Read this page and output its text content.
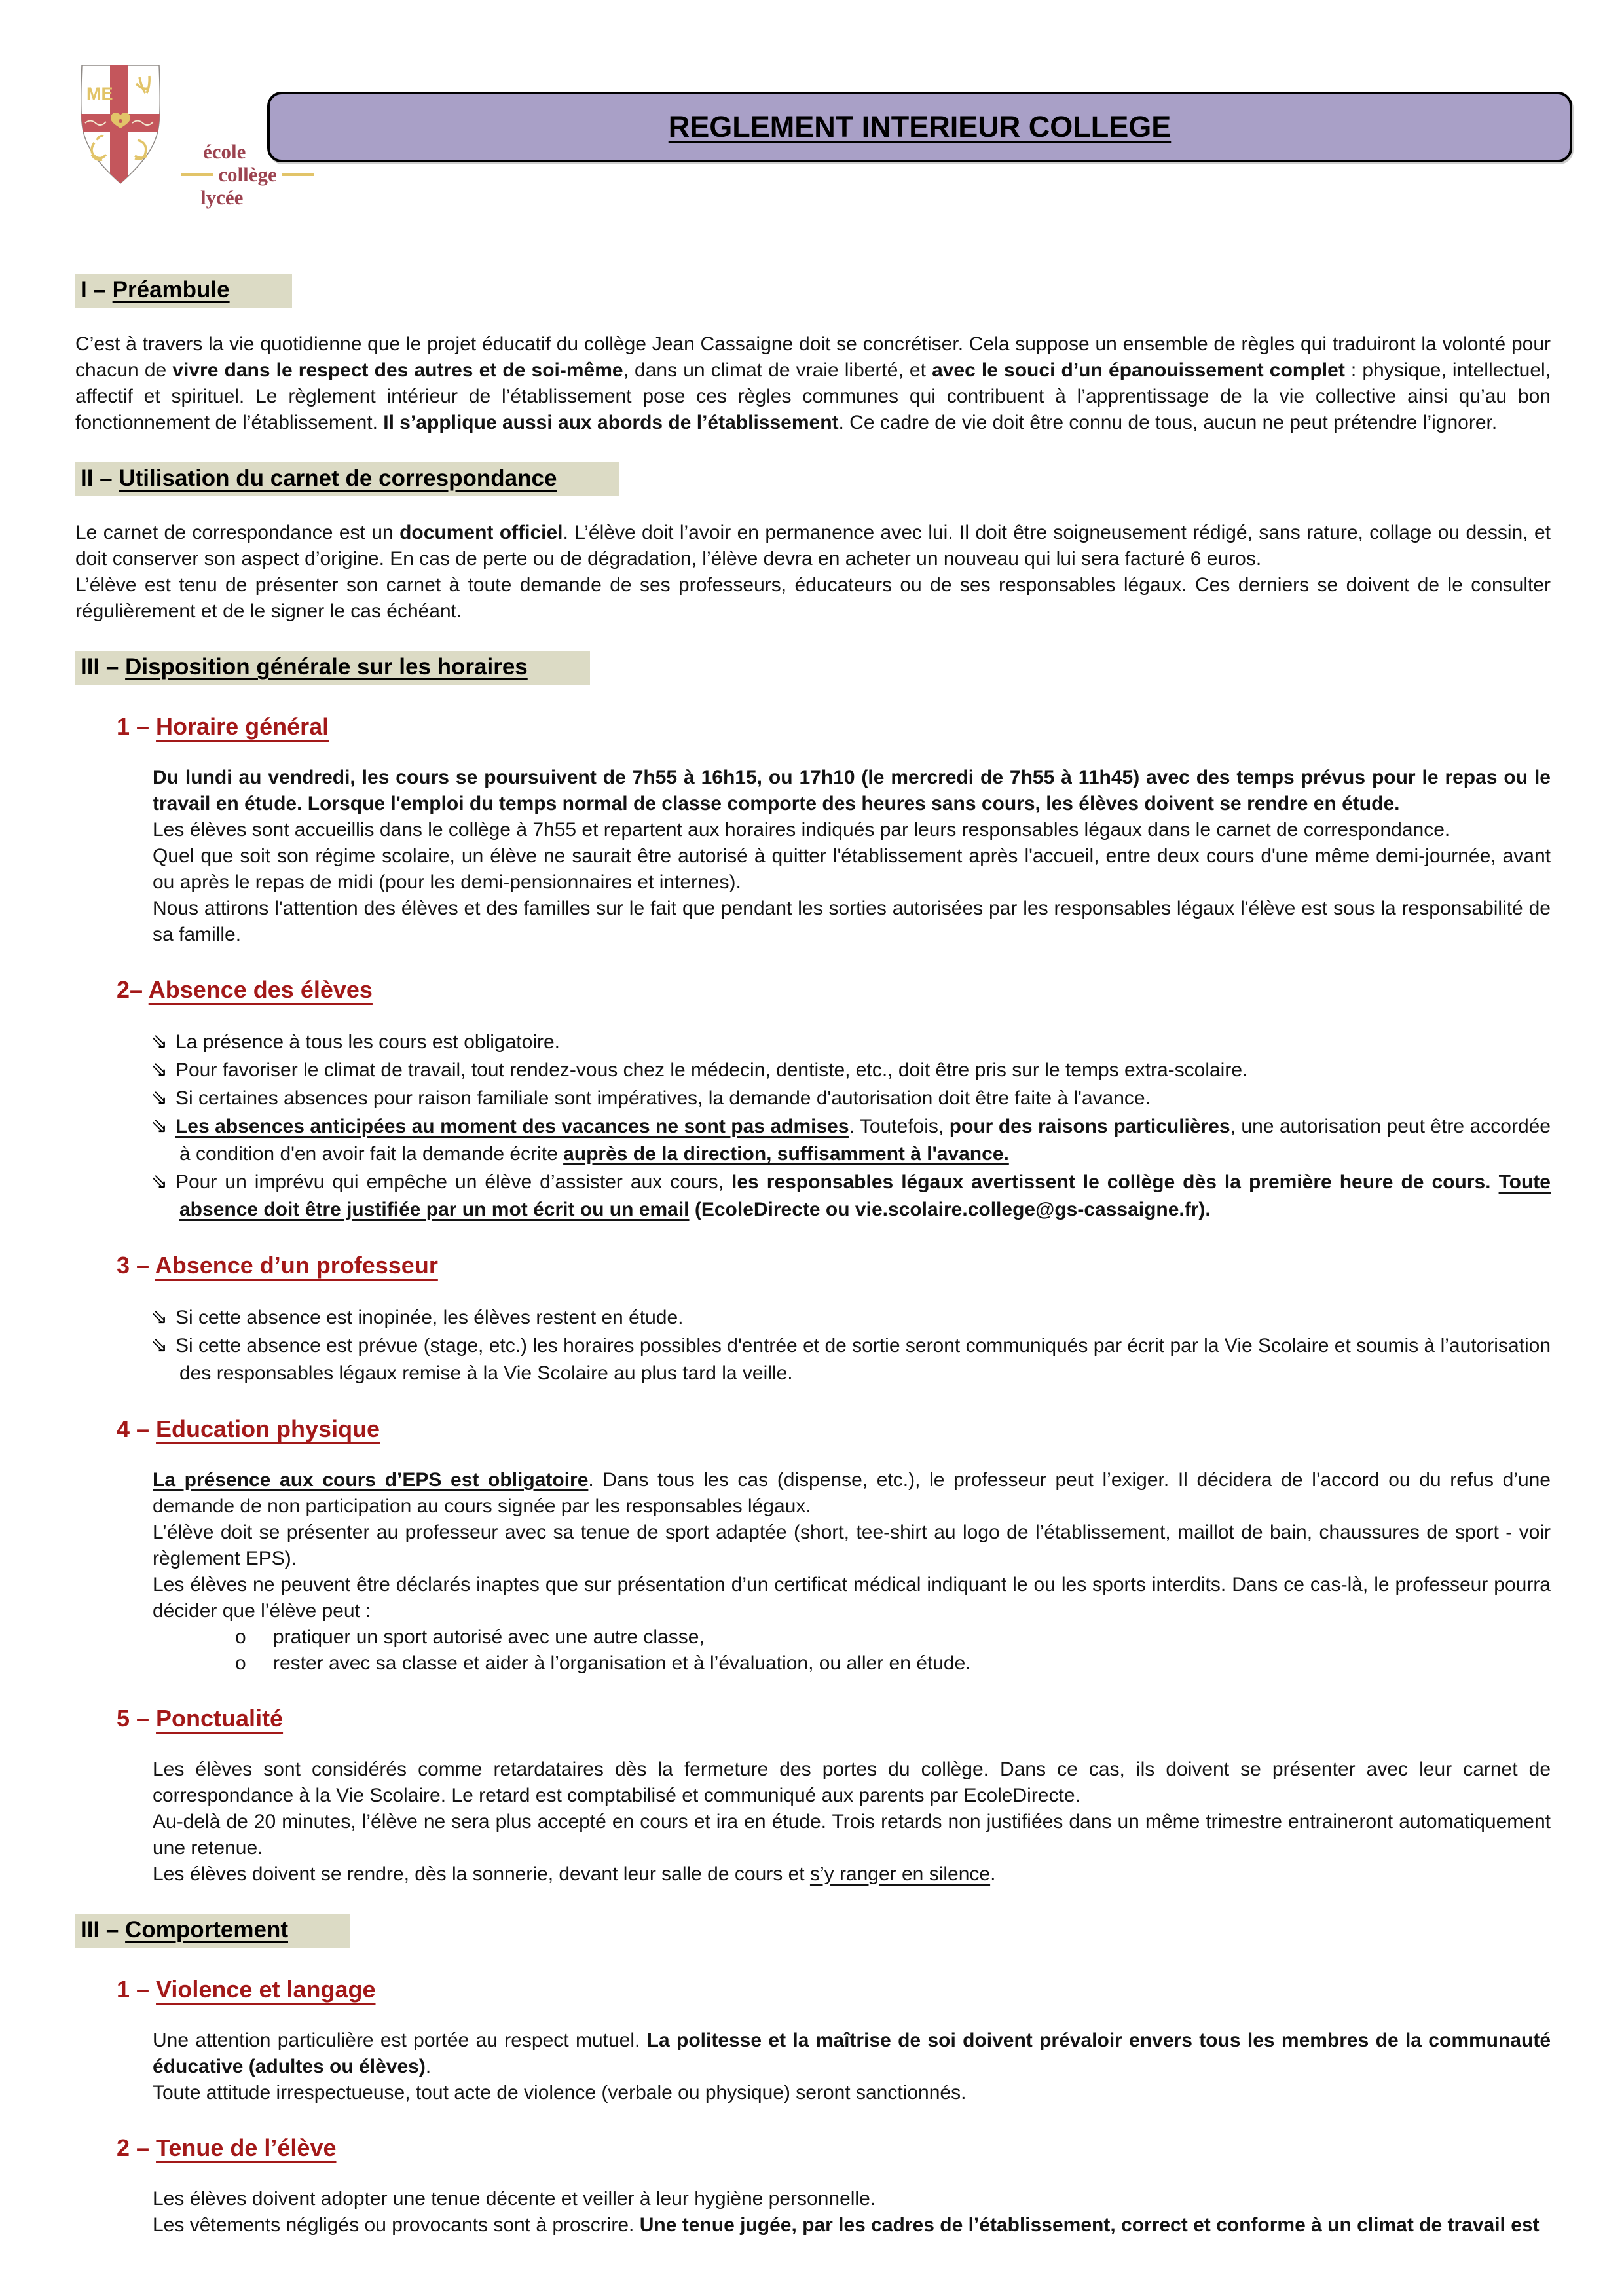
ME
école
collège
lycée
REGLEMENT INTERIEUR COLLEGE
I – Préambule
C’est à travers la vie quotidienne que le projet éducatif du collège Jean Cassaigne doit se concrétiser. Cela suppose un ensemble de règles qui traduiront la volonté pour chacun de vivre dans le respect des autres et de soi-même, dans un climat de vraie liberté, et avec le souci d’un épanouissement complet : physique, intellectuel, affectif et spirituel. Le règlement intérieur de l’établissement pose ces règles communes qui contribuent à l’apprentissage de la vie collective ainsi qu’au bon fonctionnement de l’établissement. Il s’applique aussi aux abords de l’établissement. Ce cadre de vie doit être connu de tous, aucun ne peut prétendre l’ignorer.
II – Utilisation du carnet de correspondance
Le carnet de correspondance est un document officiel. L’élève doit l’avoir en permanence avec lui. Il doit être soigneusement rédigé, sans rature, collage ou dessin, et doit conserver son aspect d’origine. En cas de perte ou de dégradation, l’élève devra en acheter un nouveau qui lui sera facturé 6 euros.
L’élève est tenu de présenter son carnet à toute demande de ses professeurs, éducateurs ou de ses responsables légaux. Ces derniers se doivent de le consulter régulièrement et de le signer le cas échéant.
III – Disposition générale sur les horaires
1 – Horaire général
Du lundi au vendredi, les cours se poursuivent de 7h55 à 16h15, ou 17h10 (le mercredi de 7h55 à 11h45) avec des temps prévus pour le repas ou le travail en étude. Lorsque l'emploi du temps normal de classe comporte des heures sans cours, les élèves doivent se rendre en étude.
Les élèves sont accueillis dans le collège à 7h55 et repartent aux horaires indiqués par leurs responsables légaux dans le carnet de correspondance.
Quel que soit son régime scolaire, un élève ne saurait être autorisé à quitter l'établissement après l'accueil, entre deux cours d'une même demi-journée, avant ou après le repas de midi (pour les demi-pensionnaires et internes).
Nous attirons l'attention des élèves et des familles sur le fait que pendant les sorties autorisées par les responsables légaux l'élève est sous la responsabilité de sa famille.
2– Absence des élèves
⇘ La présence à tous les cours est obligatoire.
⇘ Pour favoriser le climat de travail, tout rendez-vous chez le médecin, dentiste, etc., doit être pris sur le temps extra-scolaire.
⇘ Si certaines absences pour raison familiale sont impératives, la demande d'autorisation doit être faite à l'avance.
⇘ Les absences anticipées au moment des vacances ne sont pas admises. Toutefois, pour des raisons particulières, une autorisation peut être accordée à condition d'en avoir fait la demande écrite auprès de la direction, suffisamment à l'avance.
⇘ Pour un imprévu qui empêche un élève d’assister aux cours, les responsables légaux avertissent le collège dès la première heure de cours. Toute absence doit être justifiée par un mot écrit ou un email (EcoleDirecte ou vie.scolaire.college@gs-cassaigne.fr).
3 – Absence d’un professeur
⇘ Si cette absence est inopinée, les élèves restent en étude.
⇘ Si cette absence est prévue (stage, etc.) les horaires possibles d'entrée et de sortie seront communiqués par écrit par la Vie Scolaire et soumis à l’autorisation des responsables légaux remise à la Vie Scolaire au plus tard la veille.
4 – Education physique
La présence aux cours d’EPS est obligatoire. Dans tous les cas (dispense, etc.), le professeur peut l’exiger. Il décidera de l’accord ou du refus d’une demande de non participation au cours signée par les responsables légaux.
L’élève doit se présenter au professeur avec sa tenue de sport adaptée (short, tee-shirt au logo de l’établissement, maillot de bain, chaussures de sport - voir règlement EPS).
Les élèves ne peuvent être déclarés inaptes que sur présentation d’un certificat médical indiquant le ou les sports interdits. Dans ce cas-là, le professeur pourra décider que l’élève peut :
o pratiquer un sport autorisé avec une autre classe,
o rester avec sa classe et aider à l’organisation et à l’évaluation, ou aller en étude.
5 – Ponctualité
Les élèves sont considérés comme retardataires dès la fermeture des portes du collège. Dans ce cas, ils doivent se présenter avec leur carnet de correspondance à la Vie Scolaire. Le retard est comptabilisé et communiqué aux parents par EcoleDirecte.
Au-delà de 20 minutes, l’élève ne sera plus accepté en cours et ira en étude. Trois retards non justifiées dans un même trimestre entraineront automatiquement une retenue.
Les élèves doivent se rendre, dès la sonnerie, devant leur salle de cours et s’y ranger en silence.
III – Comportement
1 – Violence et langage
Une attention particulière est portée au respect mutuel. La politesse et la maîtrise de soi doivent prévaloir envers tous les membres de la communauté éducative (adultes ou élèves).
Toute attitude irrespectueuse, tout acte de violence (verbale ou physique) seront sanctionnés.
2 – Tenue de l’élève
Les élèves doivent adopter une tenue décente et veiller à leur hygiène personnelle.
Les vêtements négligés ou provocants sont à proscrire. Une tenue jugée, par les cadres de l’établissement, correct et conforme à un climat de travail est
